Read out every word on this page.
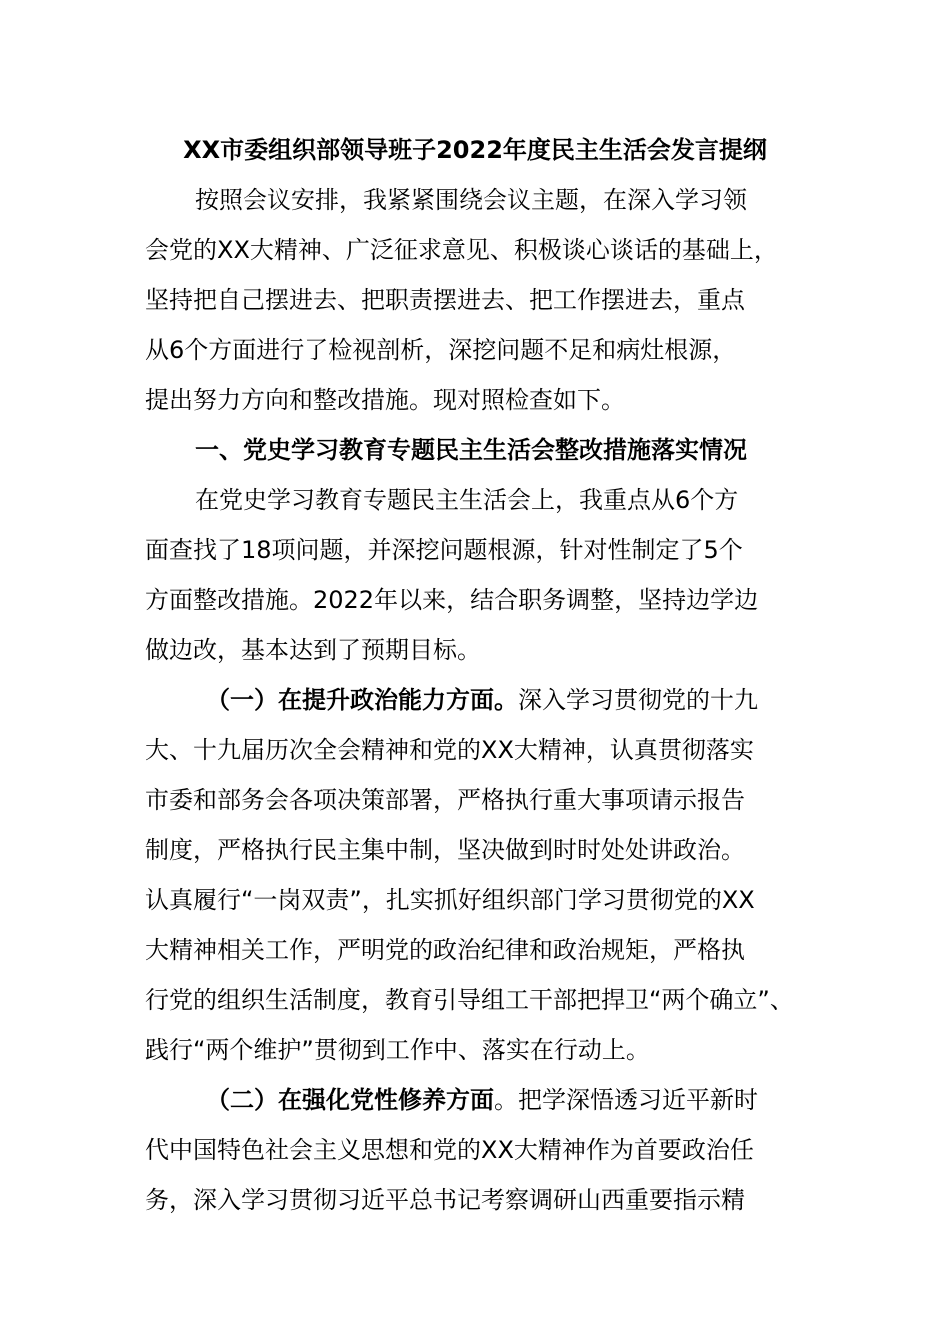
XX市委组织部领导班子2022年度民主生活会发言提纲
按照会议安排，我紧紧围绕会议主题，在深入学习领
会党的XX大精神、广泛征求意见、积极谈心谈话的基础上，
坚持把自己摆进去、把职责摆进去、把工作摆进去，重点
从6个方面进行了检视剖析，深挖问题不足和病灶根源，
提出努力方向和整改措施。现对照检查如下。
一、党史学习教育专题民主生活会整改措施落实情况
在党史学习教育专题民主生活会上，我重点从6个方
面查找了18项问题，并深挖问题根源，针对性制定了5个
方面整改措施。2022年以来，结合职务调整，坚持边学边
做边改，基本达到了预期目标。
（一）在提升政治能力方面。深入学习贯彻党的十九
大、十九届历次全会精神和党的XX大精神，认真贯彻落实
市委和部务会各项决策部署，严格执行重大事项请示报告
制度，严格执行民主集中制，坚决做到时时处处讲政治。
认真履行“一岗双责”，扎实抓好组织部门学习贯彻党的XX
大精神相关工作，严明党的政治纪律和政治规矩，严格执
行党的组织生活制度，教育引导组工干部把捍卫“两个确立”、
践行“两个维护”贯彻到工作中、落实在行动上。
（二）在强化党性修养方面。把学深悟透习近平新时
代中国特色社会主义思想和党的XX大精神作为首要政治任
务，深入学习贯彻习近平总书记考察调研山西重要指示精
